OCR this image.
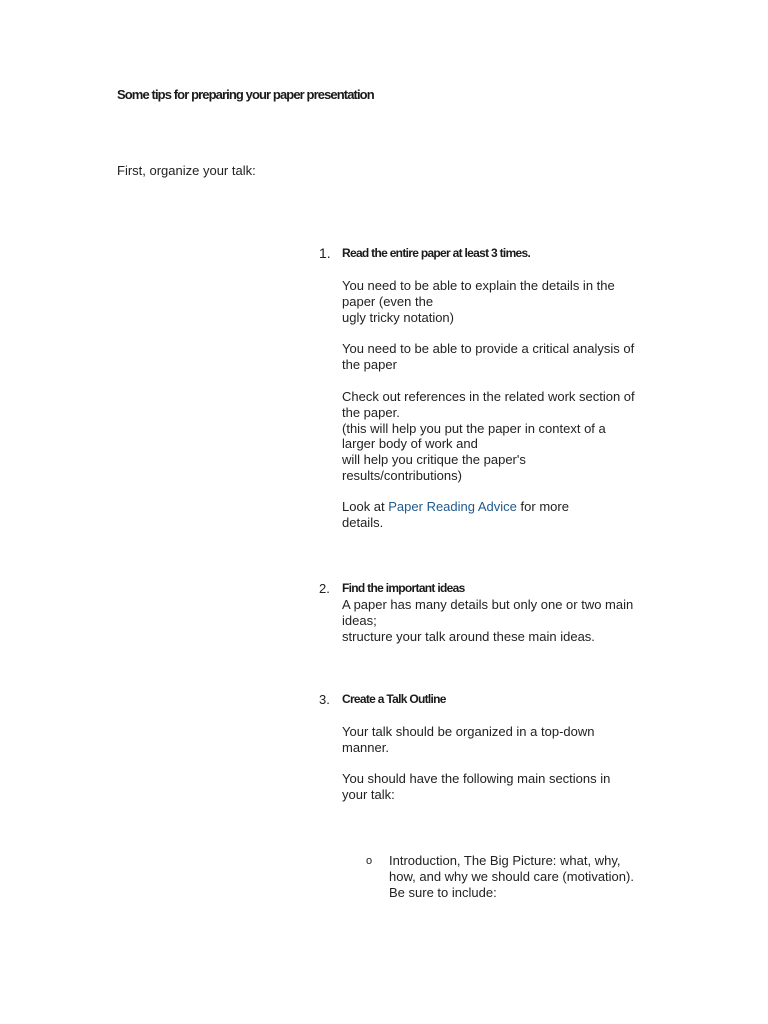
Some tips for preparing your paper presentation
First, organize your talk:
1. Read the entire paper at least 3 times.
You need to be able to explain the details in the
paper (even the
ugly tricky notation)
You need to be able to provide a critical analysis of
the paper
Check out references in the related work section of
the paper.
(this will help you put the paper in context of a
larger body of work and
will help you critique the paper's
results/contributions)
Look at Paper Reading Advice for more
details.
2. Find the important ideas
A paper has many details but only one or two main
ideas;
structure your talk around these main ideas.
3. Create a Talk Outline
Your talk should be organized in a top-down
manner.
You should have the following main sections in
your talk:
o Introduction, The Big Picture: what, why,
how, and why we should care (motivation).
Be sure to include:
